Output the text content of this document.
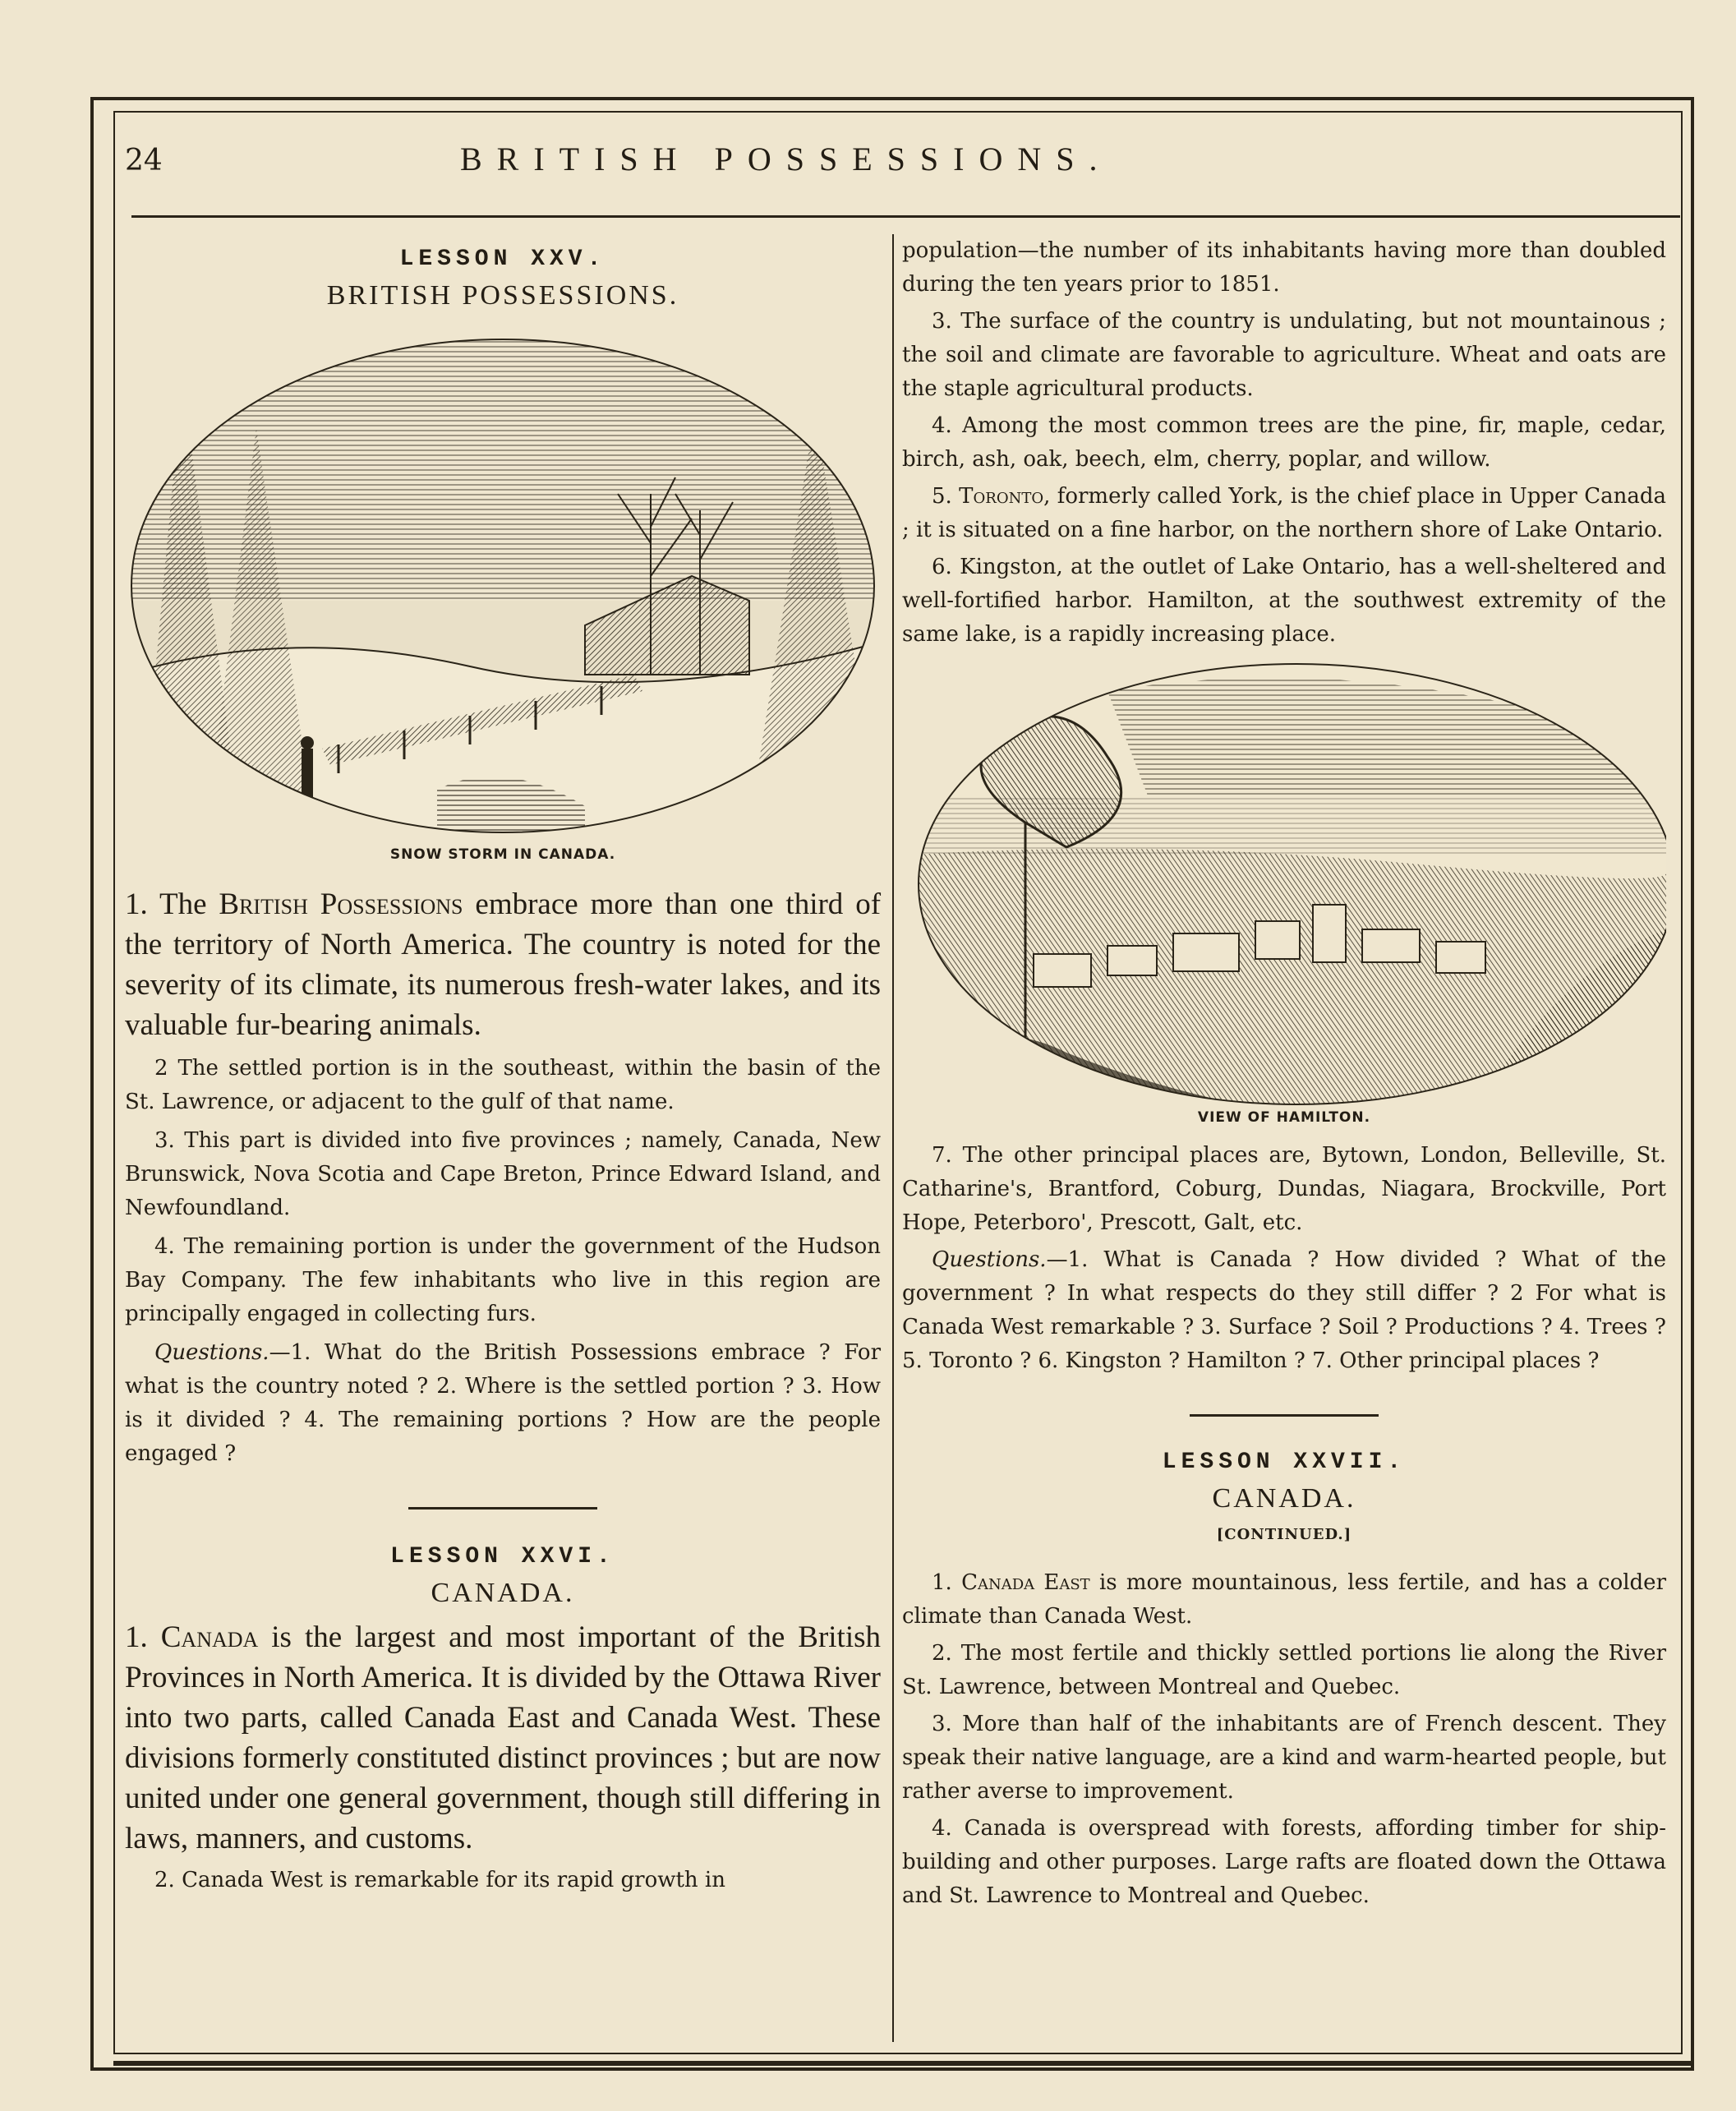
24	BRITISH POSSESSIONS.
LESSON XXV.
BRITISH POSSESSIONS.
SNOW STORM IN CANADA.

1. The British Possessions embrace more than one third of the territory of North America. The country is noted for the severity of its climate, its numerous fresh-water lakes, and its valuable fur-bearing animals.

2 The settled portion is in the southeast, within the basin of the St. Lawrence, or adjacent to the gulf of that name.

3. This part is divided into five provinces ; namely, Canada, New Brunswick, Nova Scotia and Cape Breton, Prince Edward Island, and Newfoundland.

4. The remaining portion is under the government of the Hudson Bay Company. The few inhabitants who live in this region are principally engaged in collecting furs.

Questions.—1. What do the British Possessions embrace ? For what is the country noted ? 2. Where is the settled portion ? 3. How is it divided ? 4. The remaining portions ? How are the people engaged ?

LESSON XXVI.
CANADA.

1. Canada is the largest and most important of the British Provinces in North America. It is divided by the Ottawa River into two parts, called Canada East and Canada West. These divisions formerly constituted distinct provinces ; but are now united under one general government, though still differing in laws, manners, and customs.

2. Canada West is remarkable for its rapid growth in

population—the number of its inhabitants having more than doubled during the ten years prior to 1851.

3. The surface of the country is undulating, but not mountainous ; the soil and climate are favorable to agriculture. Wheat and oats are the staple agricultural products.

4. Among the most common trees are the pine, fir, maple, cedar, birch, ash, oak, beech, elm, cherry, poplar, and willow.

5. Toronto, formerly called York, is the chief place in Upper Canada ; it is situated on a fine harbor, on the northern shore of Lake Ontario.

6. Kingston, at the outlet of Lake Ontario, has a well-sheltered and well-fortified harbor. Hamilton, at the southwest extremity of the same lake, is a rapidly increasing place.

VIEW OF HAMILTON.

7. The other principal places are, Bytown, London, Belleville, St. Catharine's, Brantford, Coburg, Dundas, Niagara, Brockville, Port Hope, Peterboro', Prescott, Galt, etc.

Questions.—1. What is Canada ? How divided ? What of the government ? In what respects do they still differ ? 2 For what is Canada West remarkable ? 3. Surface ? Soil ? Productions ? 4. Trees ? 5. Toronto ? 6. Kingston ? Hamilton ? 7. Other principal places ?

LESSON XXVII.
CANADA.
[CONTINUED.]

1. Canada East is more mountainous, less fertile, and has a colder climate than Canada West.

2. The most fertile and thickly settled portions lie along the River St. Lawrence, between Montreal and Quebec.

3. More than half of the inhabitants are of French descent. They speak their native language, are a kind and warm-hearted people, but rather averse to improvement.

4. Canada is overspread with forests, affording timber for ship-building and other purposes. Large rafts are floated down the Ottawa and St. Lawrence to Montreal and Quebec.
